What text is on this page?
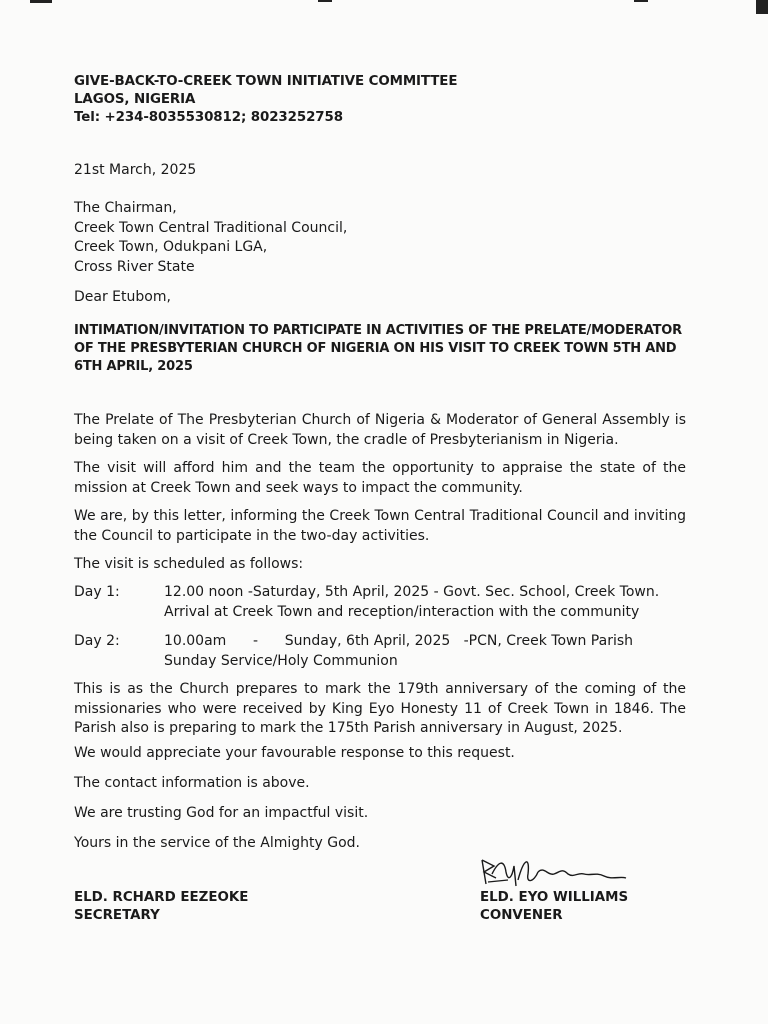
GIVE-BACK-TO-CREEK TOWN INITIATIVE COMMITTEE
LAGOS, NIGERIA
Tel: +234-8035530812; 8023252758
21st March, 2025
The Chairman,
Creek Town Central Traditional Council,
Creek Town, Odukpani LGA,
Cross River State
Dear Etubom,
INTIMATION/INVITATION TO PARTICIPATE IN ACTIVITIES OF THE PRELATE/MODERATOR OF THE PRESBYTERIAN CHURCH OF NIGERIA ON HIS VISIT TO CREEK TOWN 5TH AND 6TH APRIL, 2025
The Prelate of The Presbyterian Church of Nigeria & Moderator of General Assembly is being taken on a visit of Creek Town, the cradle of Presbyterianism in Nigeria.
The visit will afford him and the team the opportunity to appraise the state of the mission at Creek Town and seek ways to impact the community.
We are, by this letter, informing the Creek Town Central Traditional Council and inviting the Council to participate in the two-day activities.
The visit is scheduled as follows:
Day 1:	12.00 noon -Saturday, 5th April, 2025 - Govt. Sec. School, Creek Town.
Arrival at Creek Town and reception/interaction with the community
Day 2:	10.00am      -      Sunday, 6th April, 2025   -PCN, Creek Town Parish
Sunday Service/Holy Communion
This is as the Church prepares to mark the 179th anniversary of the coming of the missionaries who were received by King Eyo Honesty 11 of Creek Town in 1846. The Parish also is preparing to mark the 175th Parish anniversary in August, 2025.
We would appreciate your favourable response to this request.
The contact information is above.
We are trusting God for an impactful visit.
Yours in the service of the Almighty God.
ELD. RCHARD EEZEOKE
SECRETARY
ELD. EYO WILLIAMS
CONVENER
